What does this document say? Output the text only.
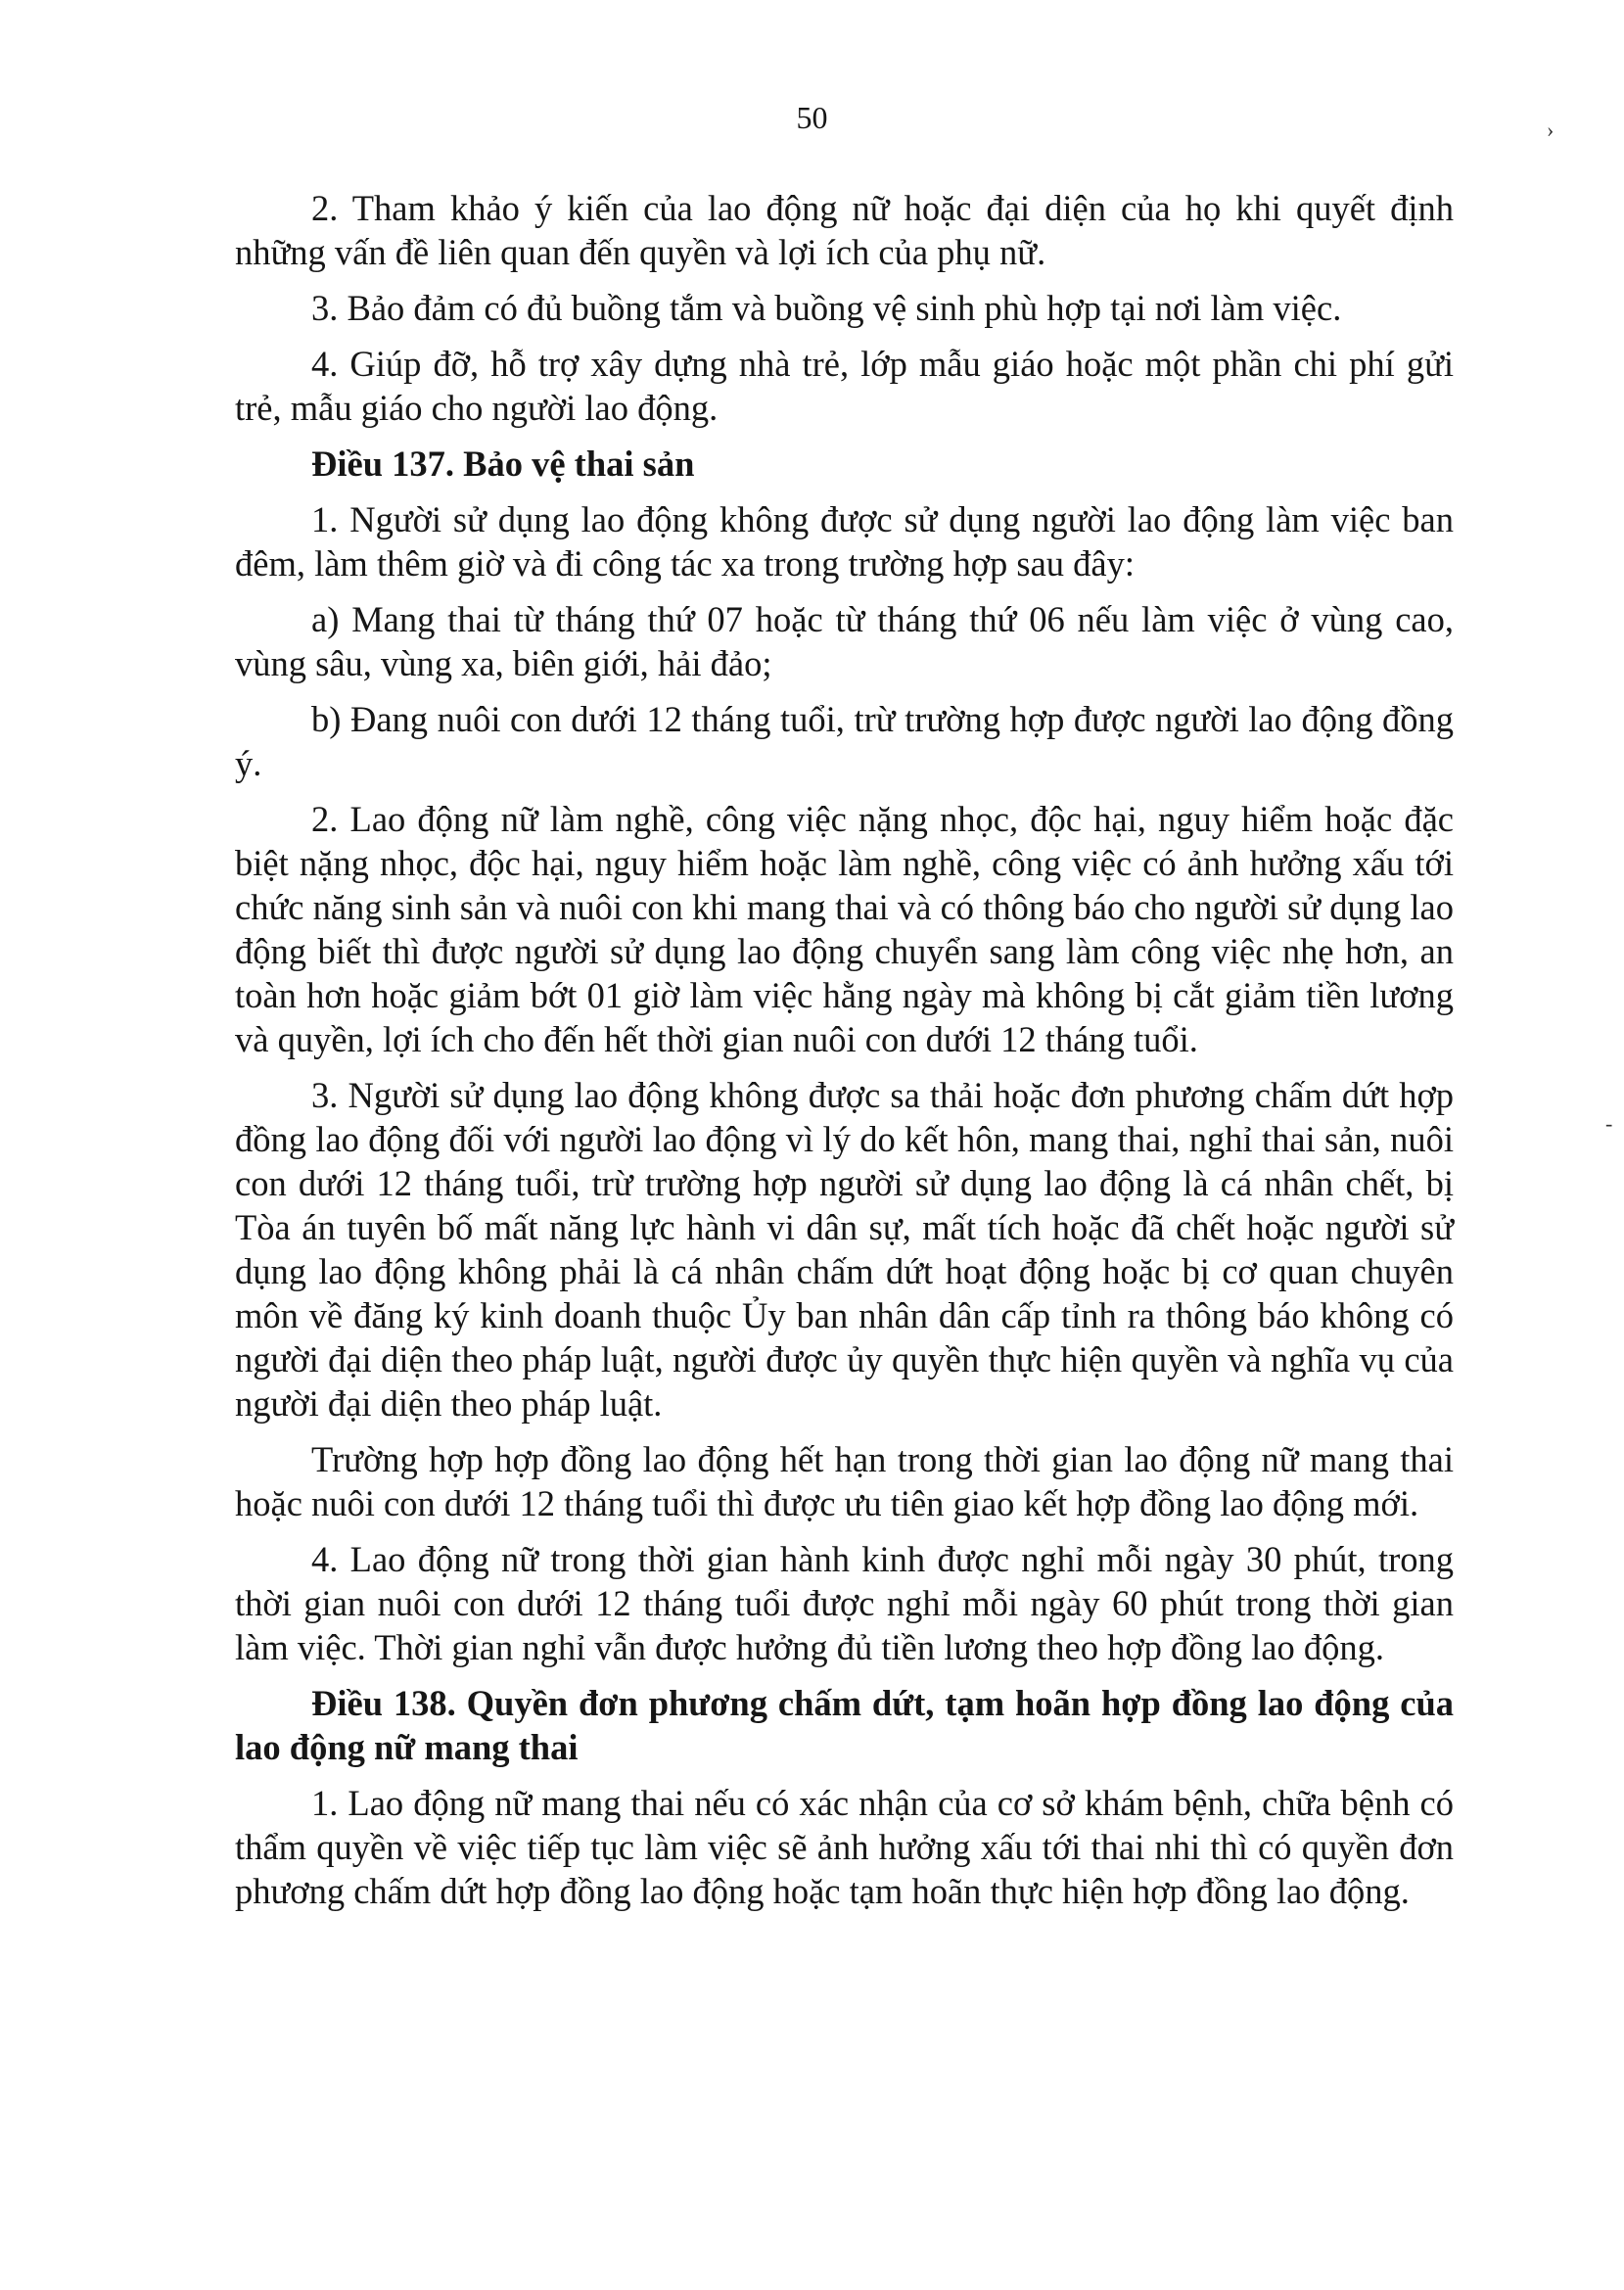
50

2. Tham khảo ý kiến của lao động nữ hoặc đại diện của họ khi quyết định những vấn đề liên quan đến quyền và lợi ích của phụ nữ.

3. Bảo đảm có đủ buồng tắm và buồng vệ sinh phù hợp tại nơi làm việc.

4. Giúp đỡ, hỗ trợ xây dựng nhà trẻ, lớp mẫu giáo hoặc một phần chi phí gửi trẻ, mẫu giáo cho người lao động.

Điều 137. Bảo vệ thai sản

1. Người sử dụng lao động không được sử dụng người lao động làm việc ban đêm, làm thêm giờ và đi công tác xa trong trường hợp sau đây:

a) Mang thai từ tháng thứ 07 hoặc từ tháng thứ 06 nếu làm việc ở vùng cao, vùng sâu, vùng xa, biên giới, hải đảo;

b) Đang nuôi con dưới 12 tháng tuổi, trừ trường hợp được người lao động đồng ý.

2. Lao động nữ làm nghề, công việc nặng nhọc, độc hại, nguy hiểm hoặc đặc biệt nặng nhọc, độc hại, nguy hiểm hoặc làm nghề, công việc có ảnh hưởng xấu tới chức năng sinh sản và nuôi con khi mang thai và có thông báo cho người sử dụng lao động biết thì được người sử dụng lao động chuyển sang làm công việc nhẹ hơn, an toàn hơn hoặc giảm bớt 01 giờ làm việc hằng ngày mà không bị cắt giảm tiền lương và quyền, lợi ích cho đến hết thời gian nuôi con dưới 12 tháng tuổi.

3. Người sử dụng lao động không được sa thải hoặc đơn phương chấm dứt hợp đồng lao động đối với người lao động vì lý do kết hôn, mang thai, nghỉ thai sản, nuôi con dưới 12 tháng tuổi, trừ trường hợp người sử dụng lao động là cá nhân chết, bị Tòa án tuyên bố mất năng lực hành vi dân sự, mất tích hoặc đã chết hoặc người sử dụng lao động không phải là cá nhân chấm dứt hoạt động hoặc bị cơ quan chuyên môn về đăng ký kinh doanh thuộc Ủy ban nhân dân cấp tỉnh ra thông báo không có người đại diện theo pháp luật, người được ủy quyền thực hiện quyền và nghĩa vụ của người đại diện theo pháp luật.

Trường hợp hợp đồng lao động hết hạn trong thời gian lao động nữ mang thai hoặc nuôi con dưới 12 tháng tuổi thì được ưu tiên giao kết hợp đồng lao động mới.

4. Lao động nữ trong thời gian hành kinh được nghỉ mỗi ngày 30 phút, trong thời gian nuôi con dưới 12 tháng tuổi được nghỉ mỗi ngày 60 phút trong thời gian làm việc. Thời gian nghỉ vẫn được hưởng đủ tiền lương theo hợp đồng lao động.

Điều 138. Quyền đơn phương chấm dứt, tạm hoãn hợp đồng lao động của lao động nữ mang thai

1. Lao động nữ mang thai nếu có xác nhận của cơ sở khám bệnh, chữa bệnh có thẩm quyền về việc tiếp tục làm việc sẽ ảnh hưởng xấu tới thai nhi thì có quyền đơn phương chấm dứt hợp đồng lao động hoặc tạm hoãn thực hiện hợp đồng lao động.

›
-
